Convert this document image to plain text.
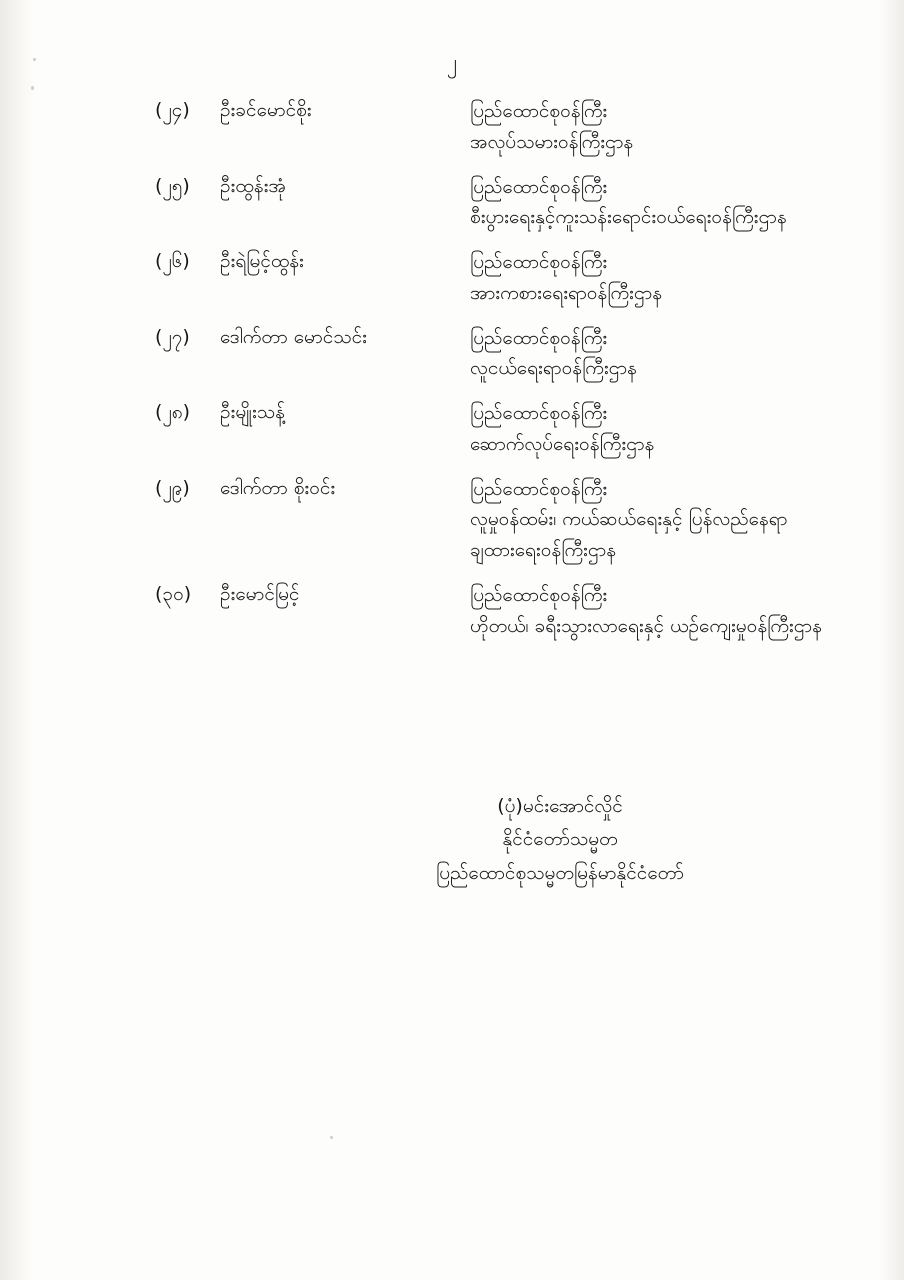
၂
(၂၄)	ဦးခင်မောင်စိုး	ပြည်ထောင်စုဝန်ကြီး
အလုပ်သမားဝန်ကြီးဌာန
(၂၅)	ဦးထွန်းအုံ	ပြည်ထောင်စုဝန်ကြီး
စီးပွားရေးနှင့်ကူးသန်းရောင်းဝယ်ရေးဝန်ကြီးဌာန
(၂၆)	ဦးရဲမြင့်ထွန်း	ပြည်ထောင်စုဝန်ကြီး
အားကစားရေးရာဝန်ကြီးဌာန
(၂၇)	ဒေါက်တာ မောင်သင်း	ပြည်ထောင်စုဝန်ကြီး
လူငယ်ရေးရာဝန်ကြီးဌာန
(၂၈)	ဦးမျိုးသန့်	ပြည်ထောင်စုဝန်ကြီး
ဆောက်လုပ်ရေးဝန်ကြီးဌာန
(၂၉)	ဒေါက်တာ စိုးဝင်း	ပြည်ထောင်စုဝန်ကြီး
လူမှုဝန်ထမ်း၊ ကယ်ဆယ်ရေးနှင့် ပြန်လည်နေရာ
ချထားရေးဝန်ကြီးဌာန
(၃၀)	ဦးမောင်မြင့်	ပြည်ထောင်စုဝန်ကြီး
ဟိုတယ်၊ ခရီးသွားလာရေးနှင့် ယဉ်ကျေးမှုဝန်ကြီးဌာန
(ပုံ)မင်းအောင်လှိုင်
နိုင်ငံတော်သမ္မတ
ပြည်ထောင်စုသမ္မတမြန်မာနိုင်ငံတော်
